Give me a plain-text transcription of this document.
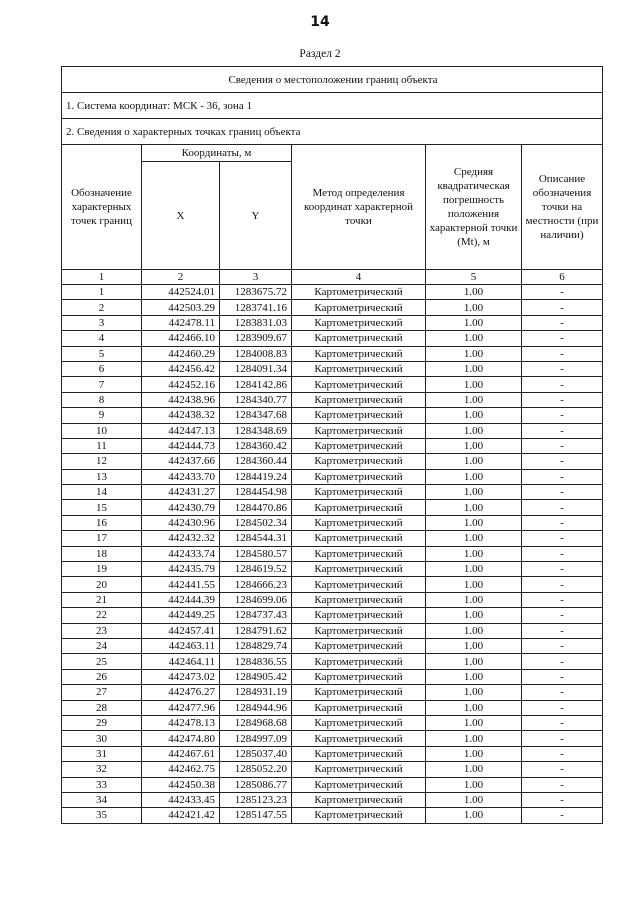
14
Раздел 2
Сведения о местоположении границ объекта					
1. Система координат: МСК - 36, зона 1					
2. Сведения о характерных точках границ объекта					
Обозначение характерных точек границ	Координаты, м		Метод определения координат характерной точки	Средняя квадратическая погрешность положения характерной точки (Mt), м	Описание обозначения точки на местности (при наличии)
	X	Y			
1	2	3	4	5	6
1	442524.01	1283675.72	Картометрический	1.00	-
2	442503.29	1283741.16	Картометрический	1.00	-
3	442478.11	1283831.03	Картометрический	1.00	-
4	442466.10	1283909.67	Картометрический	1.00	-
5	442460.29	1284008.83	Картометрический	1.00	-
6	442456.42	1284091.34	Картометрический	1.00	-
7	442452.16	1284142.86	Картометрический	1.00	-
8	442438.96	1284340.77	Картометрический	1.00	-
9	442438.32	1284347.68	Картометрический	1.00	-
10	442447.13	1284348.69	Картометрический	1.00	-
11	442444.73	1284360.42	Картометрический	1.00	-
12	442437.66	1284360.44	Картометрический	1.00	-
13	442433.70	1284419.24	Картометрический	1.00	-
14	442431.27	1284454.98	Картометрический	1.00	-
15	442430.79	1284470.86	Картометрический	1.00	-
16	442430.96	1284502.34	Картометрический	1.00	-
17	442432.32	1284544.31	Картометрический	1.00	-
18	442433.74	1284580.57	Картометрический	1.00	-
19	442435.79	1284619.52	Картометрический	1.00	-
20	442441.55	1284666.23	Картометрический	1.00	-
21	442444.39	1284699.06	Картометрический	1.00	-
22	442449.25	1284737.43	Картометрический	1.00	-
23	442457.41	1284791.62	Картометрический	1.00	-
24	442463.11	1284829.74	Картометрический	1.00	-
25	442464.11	1284836.55	Картометрический	1.00	-
26	442473.02	1284905.42	Картометрический	1.00	-
27	442476.27	1284931.19	Картометрический	1.00	-
28	442477.96	1284944.96	Картометрический	1.00	-
29	442478.13	1284968.68	Картометрический	1.00	-
30	442474.80	1284997.09	Картометрический	1.00	-
31	442467.61	1285037.40	Картометрический	1.00	-
32	442462.75	1285052.20	Картометрический	1.00	-
33	442450.38	1285086.77	Картометрический	1.00	-
34	442433.45	1285123.23	Картометрический	1.00	-
35	442421.42	1285147.55	Картометрический	1.00	-
